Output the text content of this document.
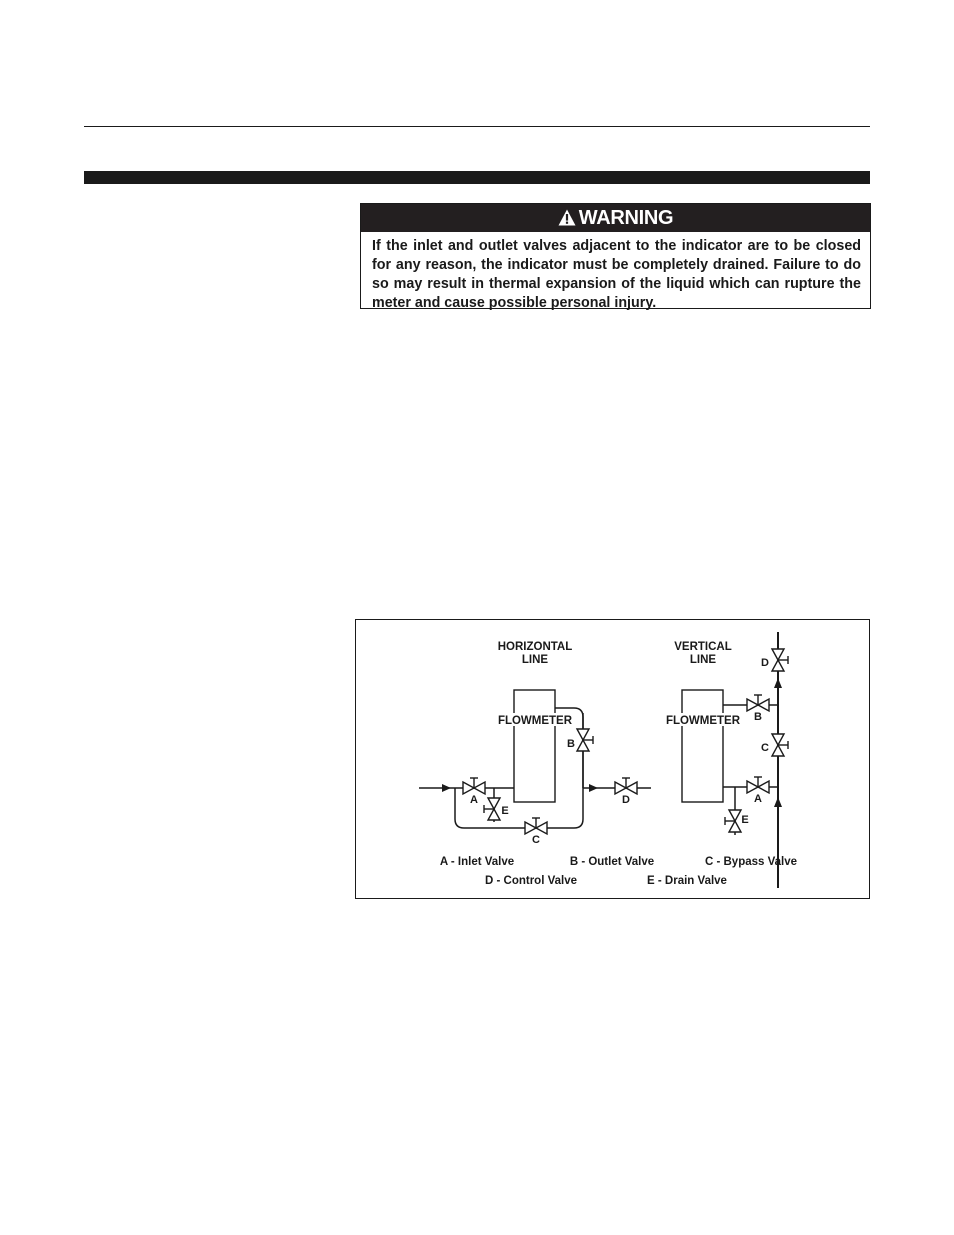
WARNING
If the inlet and outlet valves adjacent to the indicator are to be closed for any reason, the indicator must be completely drained. Failure to do so may result in thermal expansion of the liquid which can rupture the meter and cause possible personal injury.
HORIZONTAL
LINE
FLOWMETER
A
B
C
D
E
VERTICAL
LINE
FLOWMETER
A
B
C
D
E
A - Inlet Valve	B - Outlet Valve	C - Bypass Valve
D - Control Valve	E - Drain Valve
